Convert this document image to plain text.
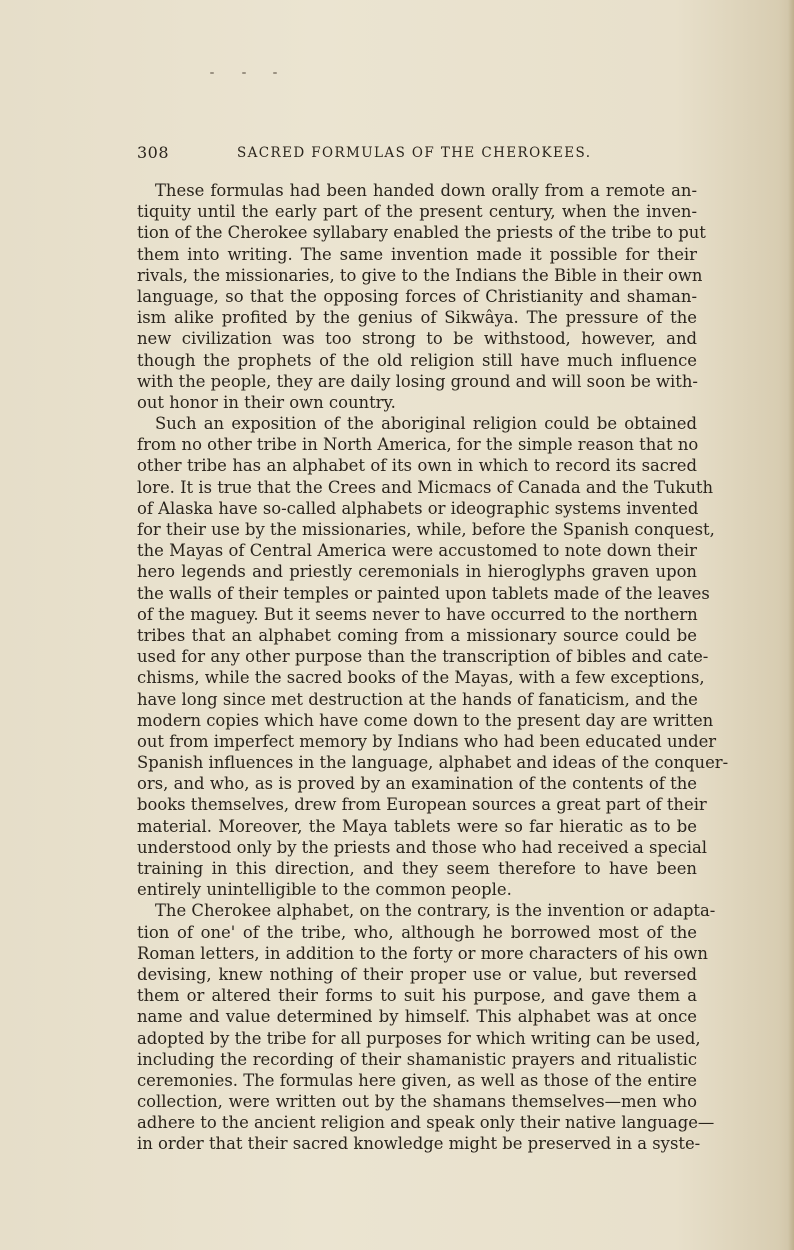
308	SACRED FORMULAS OF THE CHEROKEES.
These formulas had been handed down orally from a remote an-
tiquity until the early part of the present century, when the inven-
tion of the Cherokee syllabary enabled the priests of the tribe to put
them into writing. The same invention made it possible for their
rivals, the missionaries, to give to the Indians the Bible in their own
language, so that the opposing forces of Christianity and shaman-
ism alike profited by the genius of Sikwâya. The pressure of the
new civilization was too strong to be withstood, however, and
though the prophets of the old religion still have much influence
with the people, they are daily losing ground and will soon be with-
out honor in their own country.
Such an exposition of the aboriginal religion could be obtained
from no other tribe in North America, for the simple reason that no
other tribe has an alphabet of its own in which to record its sacred
lore. It is true that the Crees and Micmacs of Canada and the Tukuth
of Alaska have so-called alphabets or ideographic systems invented
for their use by the missionaries, while, before the Spanish conquest,
the Mayas of Central America were accustomed to note down their
hero legends and priestly ceremonials in hieroglyphs graven upon
the walls of their temples or painted upon tablets made of the leaves
of the maguey. But it seems never to have occurred to the northern
tribes that an alphabet coming from a missionary source could be
used for any other purpose than the transcription of bibles and cate-
chisms, while the sacred books of the Mayas, with a few exceptions,
have long since met destruction at the hands of fanaticism, and the
modern copies which have come down to the present day are written
out from imperfect memory by Indians who had been educated under
Spanish influences in the language, alphabet and ideas of the conquer-
ors, and who, as is proved by an examination of the contents of the
books themselves, drew from European sources a great part of their
material. Moreover, the Maya tablets were so far hieratic as to be
understood only by the priests and those who had received a special
training in this direction, and they seem therefore to have been
entirely unintelligible to the common people.
The Cherokee alphabet, on the contrary, is the invention or adapta-
tion of one' of the tribe, who, although he borrowed most of the
Roman letters, in addition to the forty or more characters of his own
devising, knew nothing of their proper use or value, but reversed
them or altered their forms to suit his purpose, and gave them a
name and value determined by himself. This alphabet was at once
adopted by the tribe for all purposes for which writing can be used,
including the recording of their shamanistic prayers and ritualistic
ceremonies. The formulas here given, as well as those of the entire
collection, were written out by the shamans themselves—men who
adhere to the ancient religion and speak only their native language—
in order that their sacred knowledge might be preserved in a syste-
